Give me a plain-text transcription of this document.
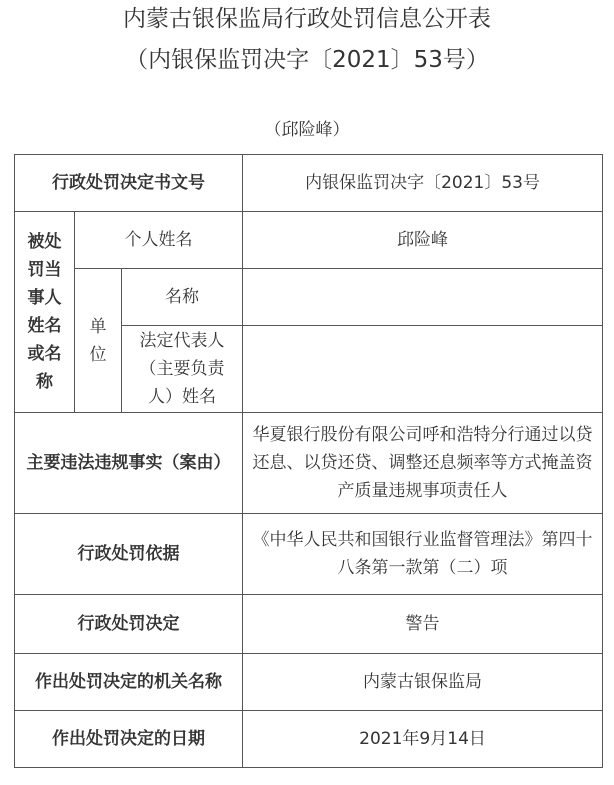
内蒙古银保监局行政处罚信息公开表
（内银保监罚决字〔2021〕53号）
（邱险峰）
行政处罚决定书文号			内银保监罚决字〔2021〕53号
被处罚当事人姓名或名称	个人姓名		邱险峰
	单位	名称	
		法定代表人（主要负责人）姓名	
主要违法违规事实（案由）			华夏银行股份有限公司呼和浩特分行通过以贷还息、以贷还贷、调整还息频率等方式掩盖资产质量违规事项责任人
行政处罚依据			《中华人民共和国银行业监督管理法》第四十八条第一款第（二）项
行政处罚决定			警告
作出处罚决定的机关名称			内蒙古银保监局
作出处罚决定的日期			2021年9月14日
